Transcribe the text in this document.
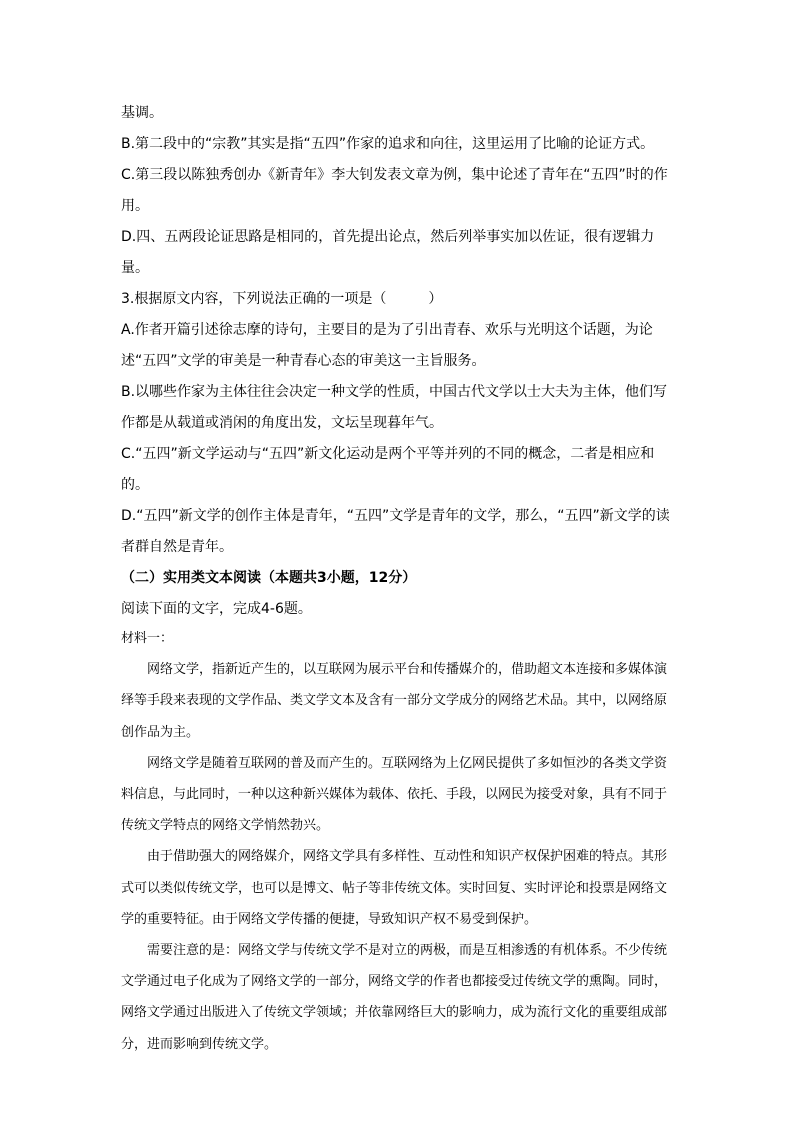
基调。

B.第二段中的“宗教”其实是指“五四”作家的追求和向往，这里运用了比喻的论证方式。

C.第三段以陈独秀创办《新青年》李大钊发表文章为例，集中论述了青年在“五四”时的作用。

D.四、五两段论证思路是相同的，首先提出论点，然后列举事实加以佐证，很有逻辑力量。

3.根据原文内容，下列说法正确的一项是（　　　）

A.作者开篇引述徐志摩的诗句，主要目的是为了引出青春、欢乐与光明这个话题，为论述“五四”文学的审美是一种青春心态的审美这一主旨服务。

B.以哪些作家为主体往往会决定一种文学的性质，中国古代文学以士大夫为主体，他们写作都是从载道或消闲的角度出发，文坛呈现暮年气。

C.“五四”新文学运动与“五四”新文化运动是两个平等并列的不同的概念，二者是相应和的。

D.“五四”新文学的创作主体是青年，“五四”文学是青年的文学，那么，“五四”新文学的读者群自然是青年。

（二）实用类文本阅读（本题共3小题，12分）

阅读下面的文字，完成4-6题。

材料一：

网络文学，指新近产生的，以互联网为展示平台和传播媒介的，借助超文本连接和多媒体演绎等手段来表现的文学作品、类文学文本及含有一部分文学成分的网络艺术品。其中，以网络原创作品为主。

网络文学是随着互联网的普及而产生的。互联网络为上亿网民提供了多如恒沙的各类文学资料信息，与此同时，一种以这种新兴媒体为载体、依托、手段，以网民为接受对象，具有不同于传统文学特点的网络文学悄然勃兴。

由于借助强大的网络媒介，网络文学具有多样性、互动性和知识产权保护困难的特点。其形式可以类似传统文学，也可以是博文、帖子等非传统文体。实时回复、实时评论和投票是网络文学的重要特征。由于网络文学传播的便捷，导致知识产权不易受到保护。

需要注意的是：网络文学与传统文学不是对立的两极，而是互相渗透的有机体系。不少传统文学通过电子化成为了网络文学的一部分，网络文学的作者也都接受过传统文学的熏陶。同时，网络文学通过出版进入了传统文学领域；并依靠网络巨大的影响力，成为流行文化的重要组成部分，进而影响到传统文学。
